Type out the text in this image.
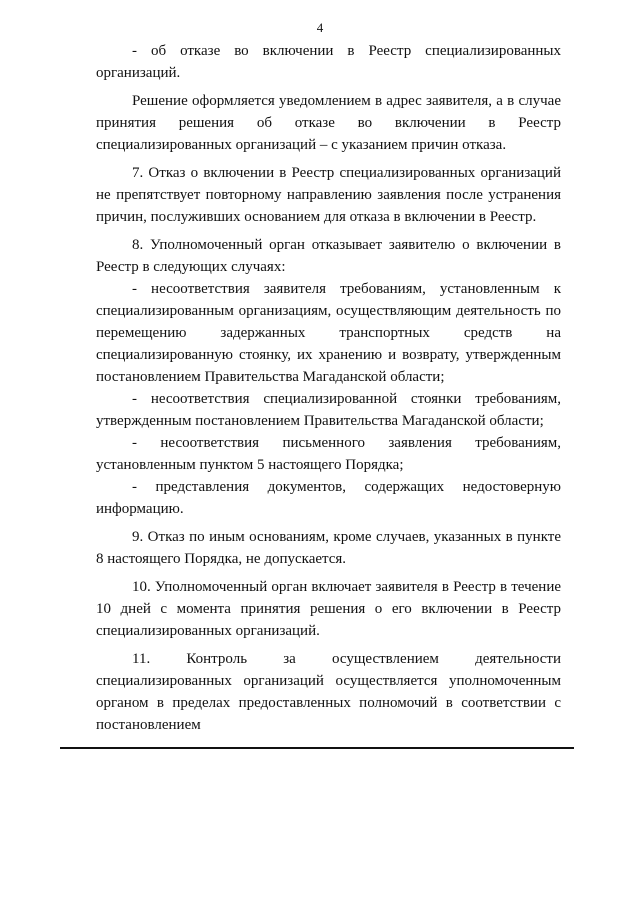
4

- об отказе во включении в Реестр специализированных организаций.

Решение оформляется уведомлением в адрес заявителя, а в случае принятия решения об отказе во включении в Реестр специализированных организаций – с указанием причин отказа.

7. Отказ о включении в Реестр специализированных организаций не препятствует повторному направлению заявления после устранения причин, послуживших основанием для отказа в включении в Реестр.

8. Уполномоченный орган отказывает заявителю о включении в Реестр в следующих случаях:

- несоответствия заявителя требованиям, установленным к специализированным организациям, осуществляющим деятельность по перемещению задержанных транспортных средств на специализированную стоянку, их хранению и возврату, утвержденным постановлением Правительства Магаданской области;

- несоответствия специализированной стоянки требованиям, утвержденным постановлением Правительства Магаданской области;

- несоответствия письменного заявления требованиям, установленным пунктом 5 настоящего Порядка;

- представления документов, содержащих недостоверную информацию.

9. Отказ по иным основаниям, кроме случаев, указанных в пункте 8 настоящего Порядка, не допускается.

10. Уполномоченный орган включает заявителя в Реестр в течение 10 дней с момента принятия решения о его включении в Реестр специализированных организаций.

11. Контроль за осуществлением деятельности специализированных организаций осуществляется уполномоченным органом в пределах предоставленных полномочий в соответствии с постановлением
